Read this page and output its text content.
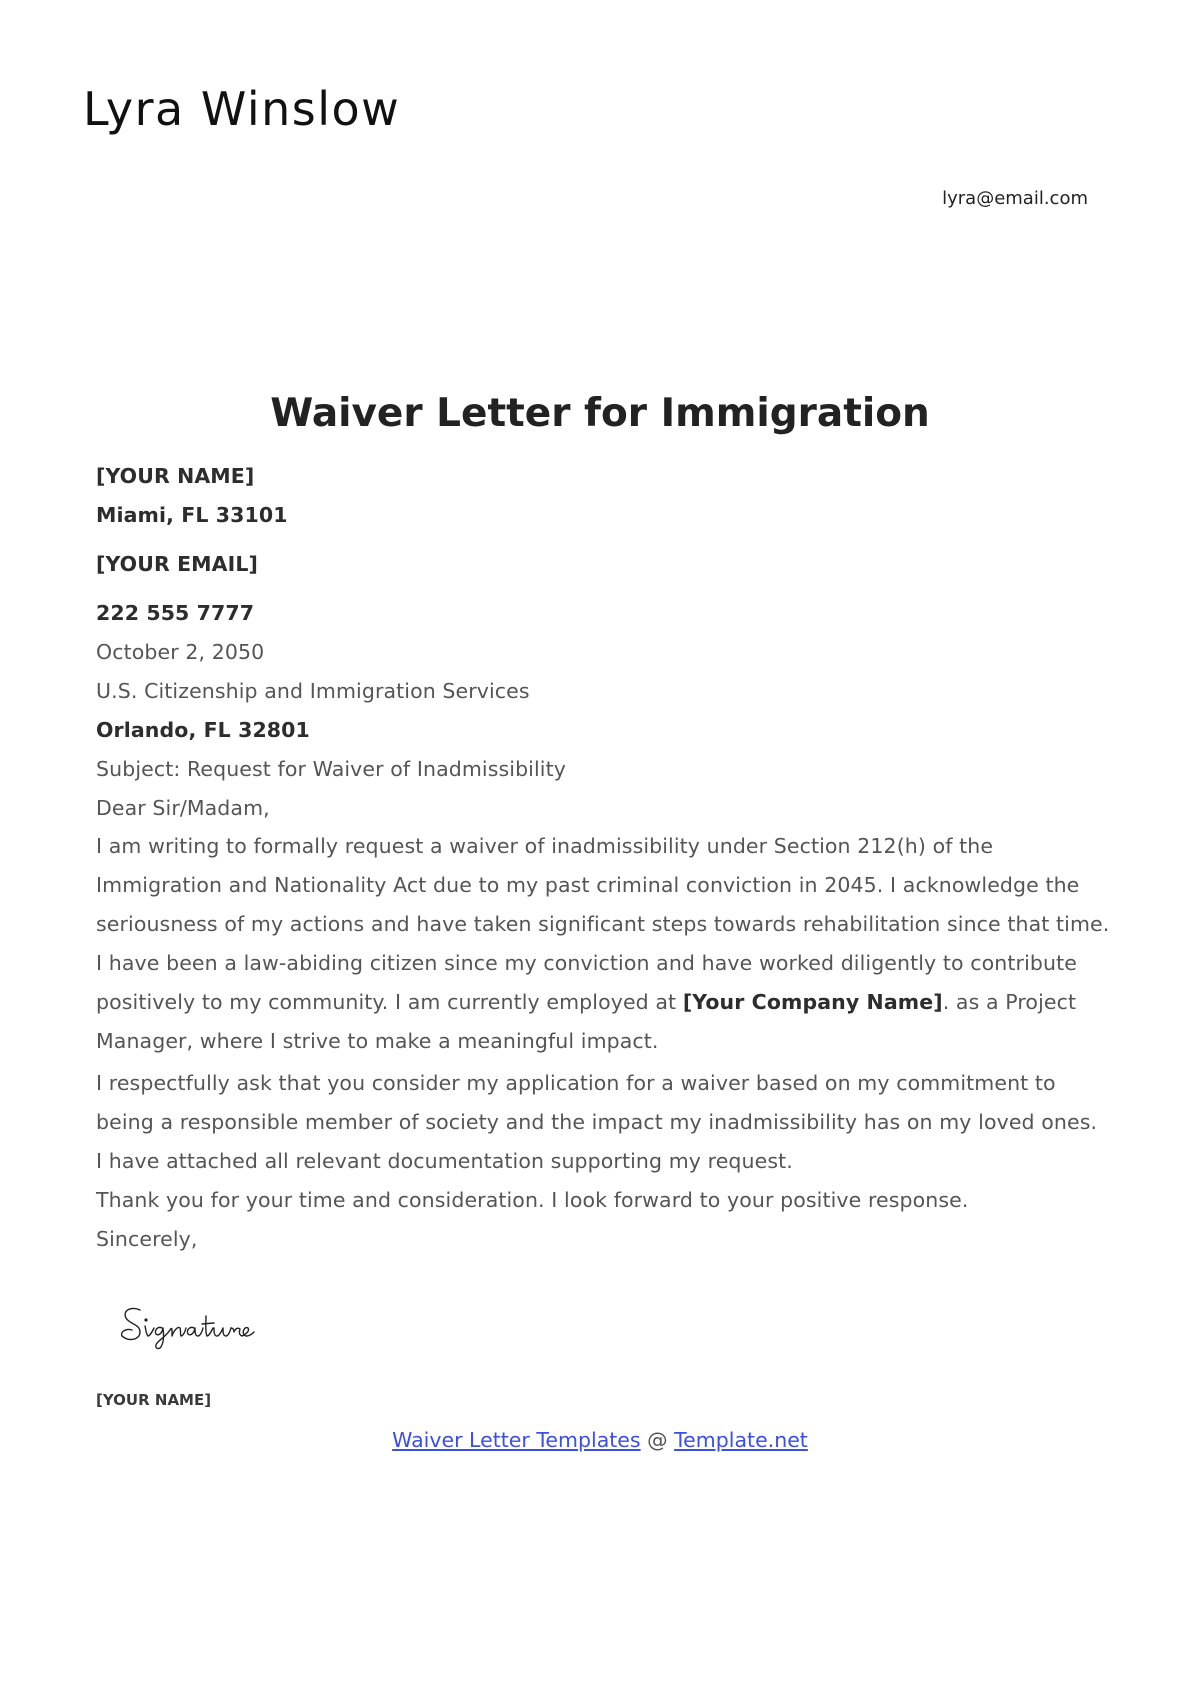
Lyra Winslow
lyra@email.com
Waiver Letter for Immigration
[YOUR NAME]
Miami, FL 33101
[YOUR EMAIL]
222 555 7777
October 2, 2050
U.S. Citizenship and Immigration Services
Orlando, FL 32801
Subject: Request for Waiver of Inadmissibility
Dear Sir/Madam,

I am writing to formally request a waiver of inadmissibility under Section 212(h) of the

Immigration and Nationality Act due to my past criminal conviction in 2045. I acknowledge the

seriousness of my actions and have taken significant steps towards rehabilitation since that time.

I have been a law-abiding citizen since my conviction and have worked diligently to contribute

positively to my community. I am currently employed at [Your Company Name]. as a Project

Manager, where I strive to make a meaningful impact.

I respectfully ask that you consider my application for a waiver based on my commitment to

being a responsible member of society and the impact my inadmissibility has on my loved ones.

I have attached all relevant documentation supporting my request.

Thank you for your time and consideration. I look forward to your positive response.

Sincerely,

[YOUR NAME]
Waiver Letter Templates @ Template.net
